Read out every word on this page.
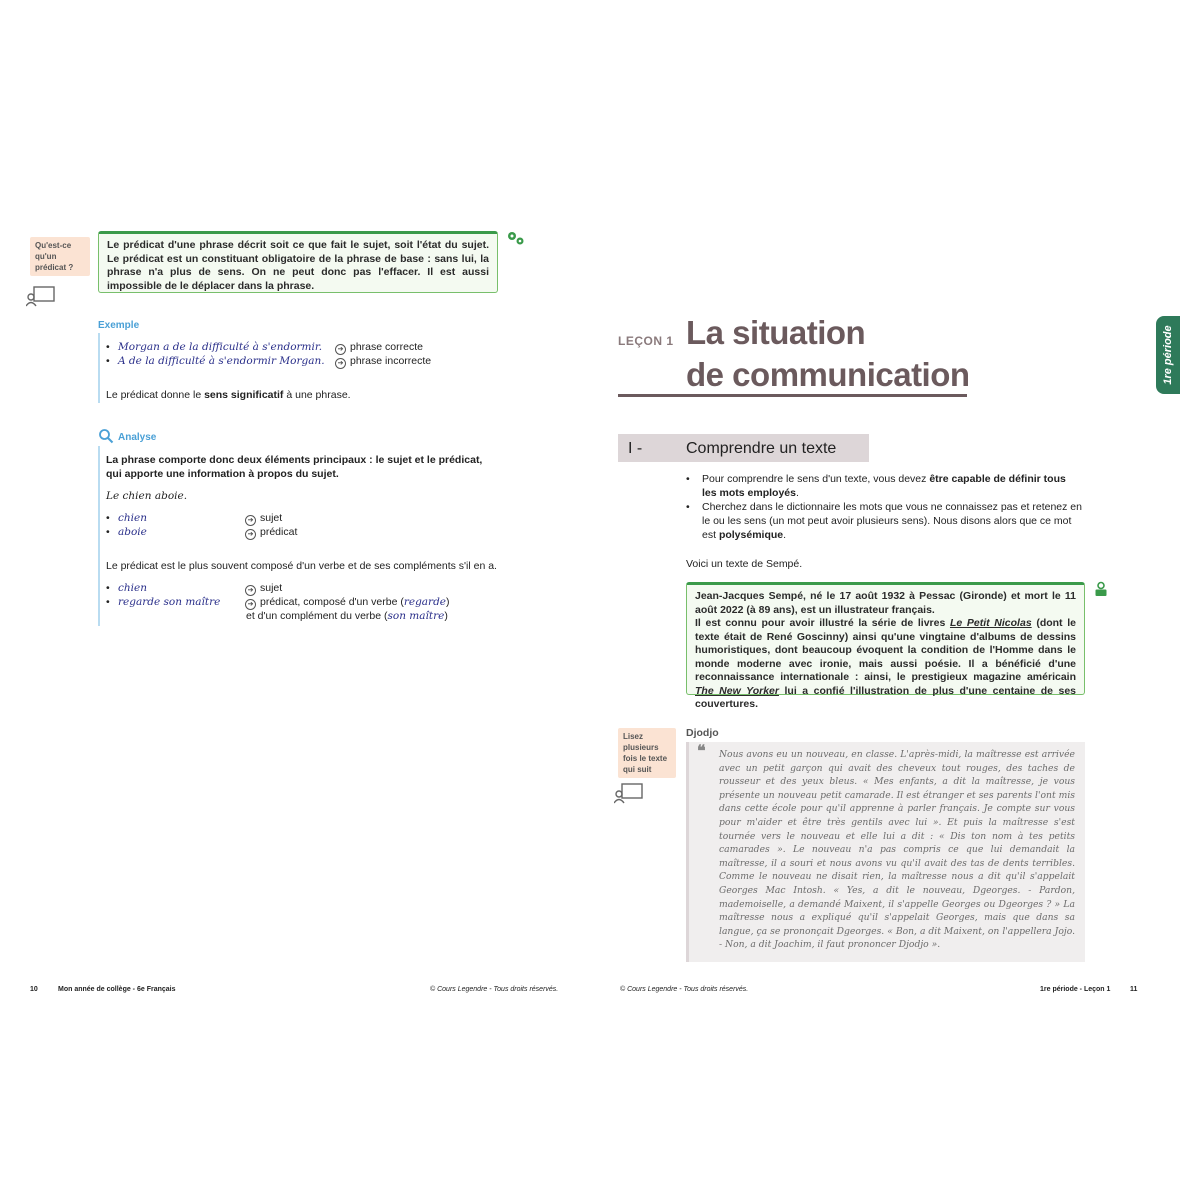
Qu'est-ce qu'un prédicat ?
Le prédicat d'une phrase décrit soit ce que fait le sujet, soit l'état du sujet. Le prédicat est un constituant obligatoire de la phrase de base : sans lui, la phrase n'a plus de sens. On ne peut donc pas l'effacer. Il est aussi impossible de le déplacer dans la phrase.
Exemple
• Morgan a de la difficulté à s'endormir.	➔ phrase correcte
• A de la difficulté à s'endormir Morgan.	➔ phrase incorrecte
Le prédicat donne le sens significatif à une phrase.
Analyse
La phrase comporte donc deux éléments principaux : le sujet et le prédicat, qui apporte une information à propos du sujet.
Le chien aboie.
• chien	➔ sujet
• aboie	➔ prédicat
Le prédicat est le plus souvent composé d'un verbe et de ses compléments s'il en a.
• chien	➔ sujet
• regarde son maître	➔ prédicat, composé d'un verbe (regarde)
et d'un complément du verbe (son maître)
10	Mon année de collège - 6e Français	© Cours Legendre - Tous droits réservés.
LEÇON 1 La situation
de communication	1re période
I -	Comprendre un texte
•	Pour comprendre le sens d'un texte, vous devez être capable de définir tous les mots employés.
•	Cherchez dans le dictionnaire les mots que vous ne connaissez pas et retenez en le ou les sens (un mot peut avoir plusieurs sens). Nous disons alors que ce mot est polysémique.
Voici un texte de Sempé.
Jean-Jacques Sempé, né le 17 août 1932 à Pessac (Gironde) et mort le 11 août 2022 (à 89 ans), est un illustrateur français.
Il est connu pour avoir illustré la série de livres Le Petit Nicolas (dont le texte était de René Goscinny) ainsi qu'une vingtaine d'albums de dessins humoristiques, dont beaucoup évoquent la condition de l'Homme dans le monde moderne avec ironie, mais aussi poésie. Il a bénéficié d'une reconnaissance internationale : ainsi, le prestigieux magazine américain The New Yorker lui a confié l'illustration de plus d'une centaine de ses couvertures.
Lisez plusieurs fois le texte qui suit
Djodjo
❝ Nous avons eu un nouveau, en classe. L'après-midi, la maîtresse est arrivée avec un petit garçon qui avait des cheveux tout rouges, des taches de rousseur et des yeux bleus. « Mes enfants, a dit la maîtresse, je vous présente un nouveau petit camarade. Il est étranger et ses parents l'ont mis dans cette école pour qu'il apprenne à parler français. Je compte sur vous pour m'aider et être très gentils avec lui ». Et puis la maîtresse s'est tournée vers le nouveau et elle lui a dit : « Dis ton nom à tes petits camarades ». Le nouveau n'a pas compris ce que lui demandait la maîtresse, il a souri et nous avons vu qu'il avait des tas de dents terribles. Comme le nouveau ne disait rien, la maîtresse nous a dit qu'il s'appelait Georges Mac Intosh. « Yes, a dit le nouveau, Dgeorges. - Pardon, mademoiselle, a demandé Maixent, il s'appelle Georges ou Dgeorges ? » La maîtresse nous a expliqué qu'il s'appelait Georges, mais que dans sa langue, ça se prononçait Dgeorges. « Bon, a dit Maixent, on l'appellera Jojo. - Non, a dit Joachim, il faut prononcer Djodjo ».
© Cours Legendre - Tous droits réservés.	1re période - Leçon 1	11
